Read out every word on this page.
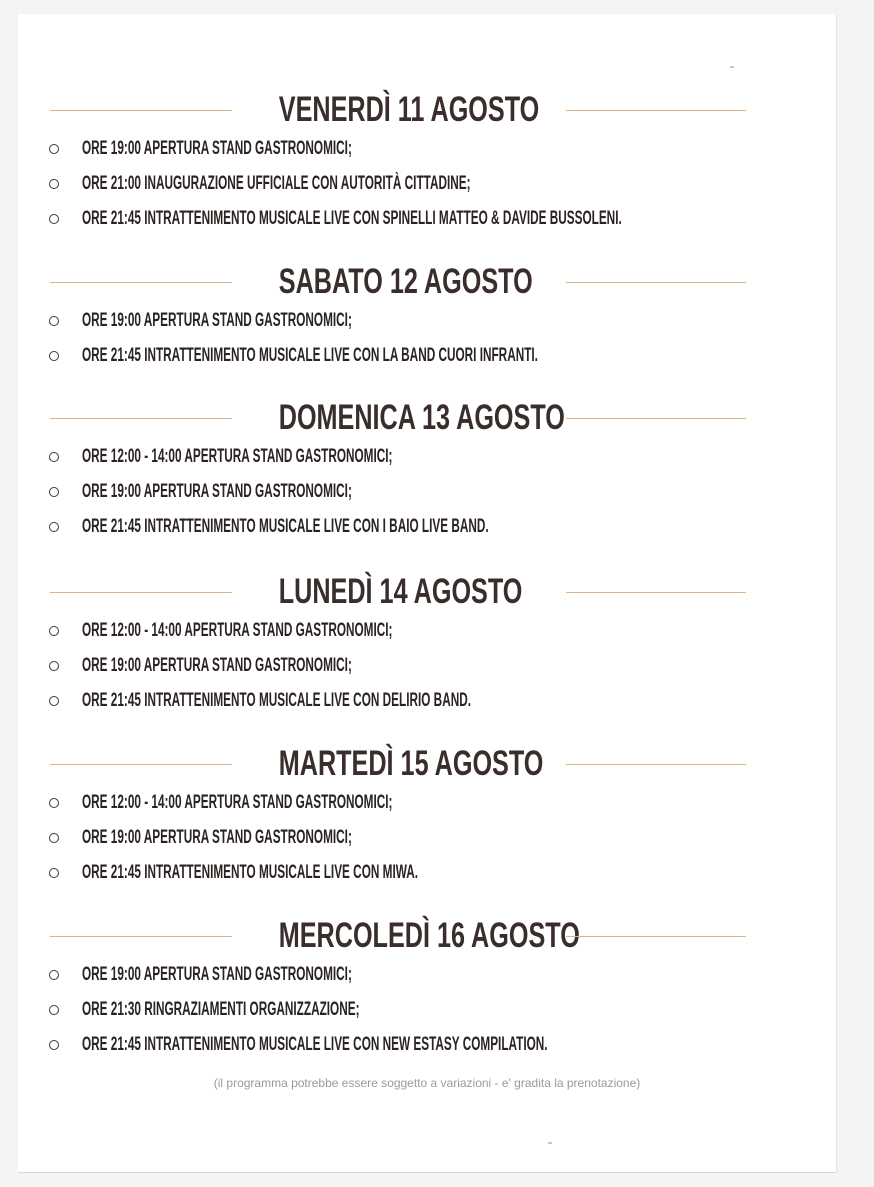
VENERDÌ 11 AGOSTO
ORE 19:00 APERTURA STAND GASTRONOMICI;
ORE 21:00 INAUGURAZIONE UFFICIALE CON AUTORITÀ CITTADINE;
ORE 21:45 INTRATTENIMENTO MUSICALE LIVE CON SPINELLI MATTEO & DAVIDE BUSSOLENI.
SABATO 12 AGOSTO
ORE 19:00 APERTURA STAND GASTRONOMICI;
ORE 21:45 INTRATTENIMENTO MUSICALE LIVE CON LA BAND CUORI INFRANTI.
DOMENICA 13 AGOSTO
ORE 12:00 - 14:00 APERTURA STAND GASTRONOMICI;
ORE 19:00 APERTURA STAND GASTRONOMICI;
ORE 21:45 INTRATTENIMENTO MUSICALE LIVE CON I BAIO LIVE BAND.
LUNEDÌ 14 AGOSTO
ORE 12:00 - 14:00 APERTURA STAND GASTRONOMICI;
ORE 19:00 APERTURA STAND GASTRONOMICI;
ORE 21:45 INTRATTENIMENTO MUSICALE LIVE CON DELIRIO BAND.
MARTEDÌ 15 AGOSTO
ORE 12:00 - 14:00 APERTURA STAND GASTRONOMICI;
ORE 19:00 APERTURA STAND GASTRONOMICI;
ORE 21:45 INTRATTENIMENTO MUSICALE LIVE CON MIWA.
MERCOLEDÌ 16 AGOSTO
ORE 19:00 APERTURA STAND GASTRONOMICI;
ORE 21:30 RINGRAZIAMENTI ORGANIZZAZIONE;
ORE 21:45 INTRATTENIMENTO MUSICALE LIVE CON NEW ESTASY COMPILATION.
(il programma potrebbe essere soggetto a variazioni - e' gradita la prenotazione)
